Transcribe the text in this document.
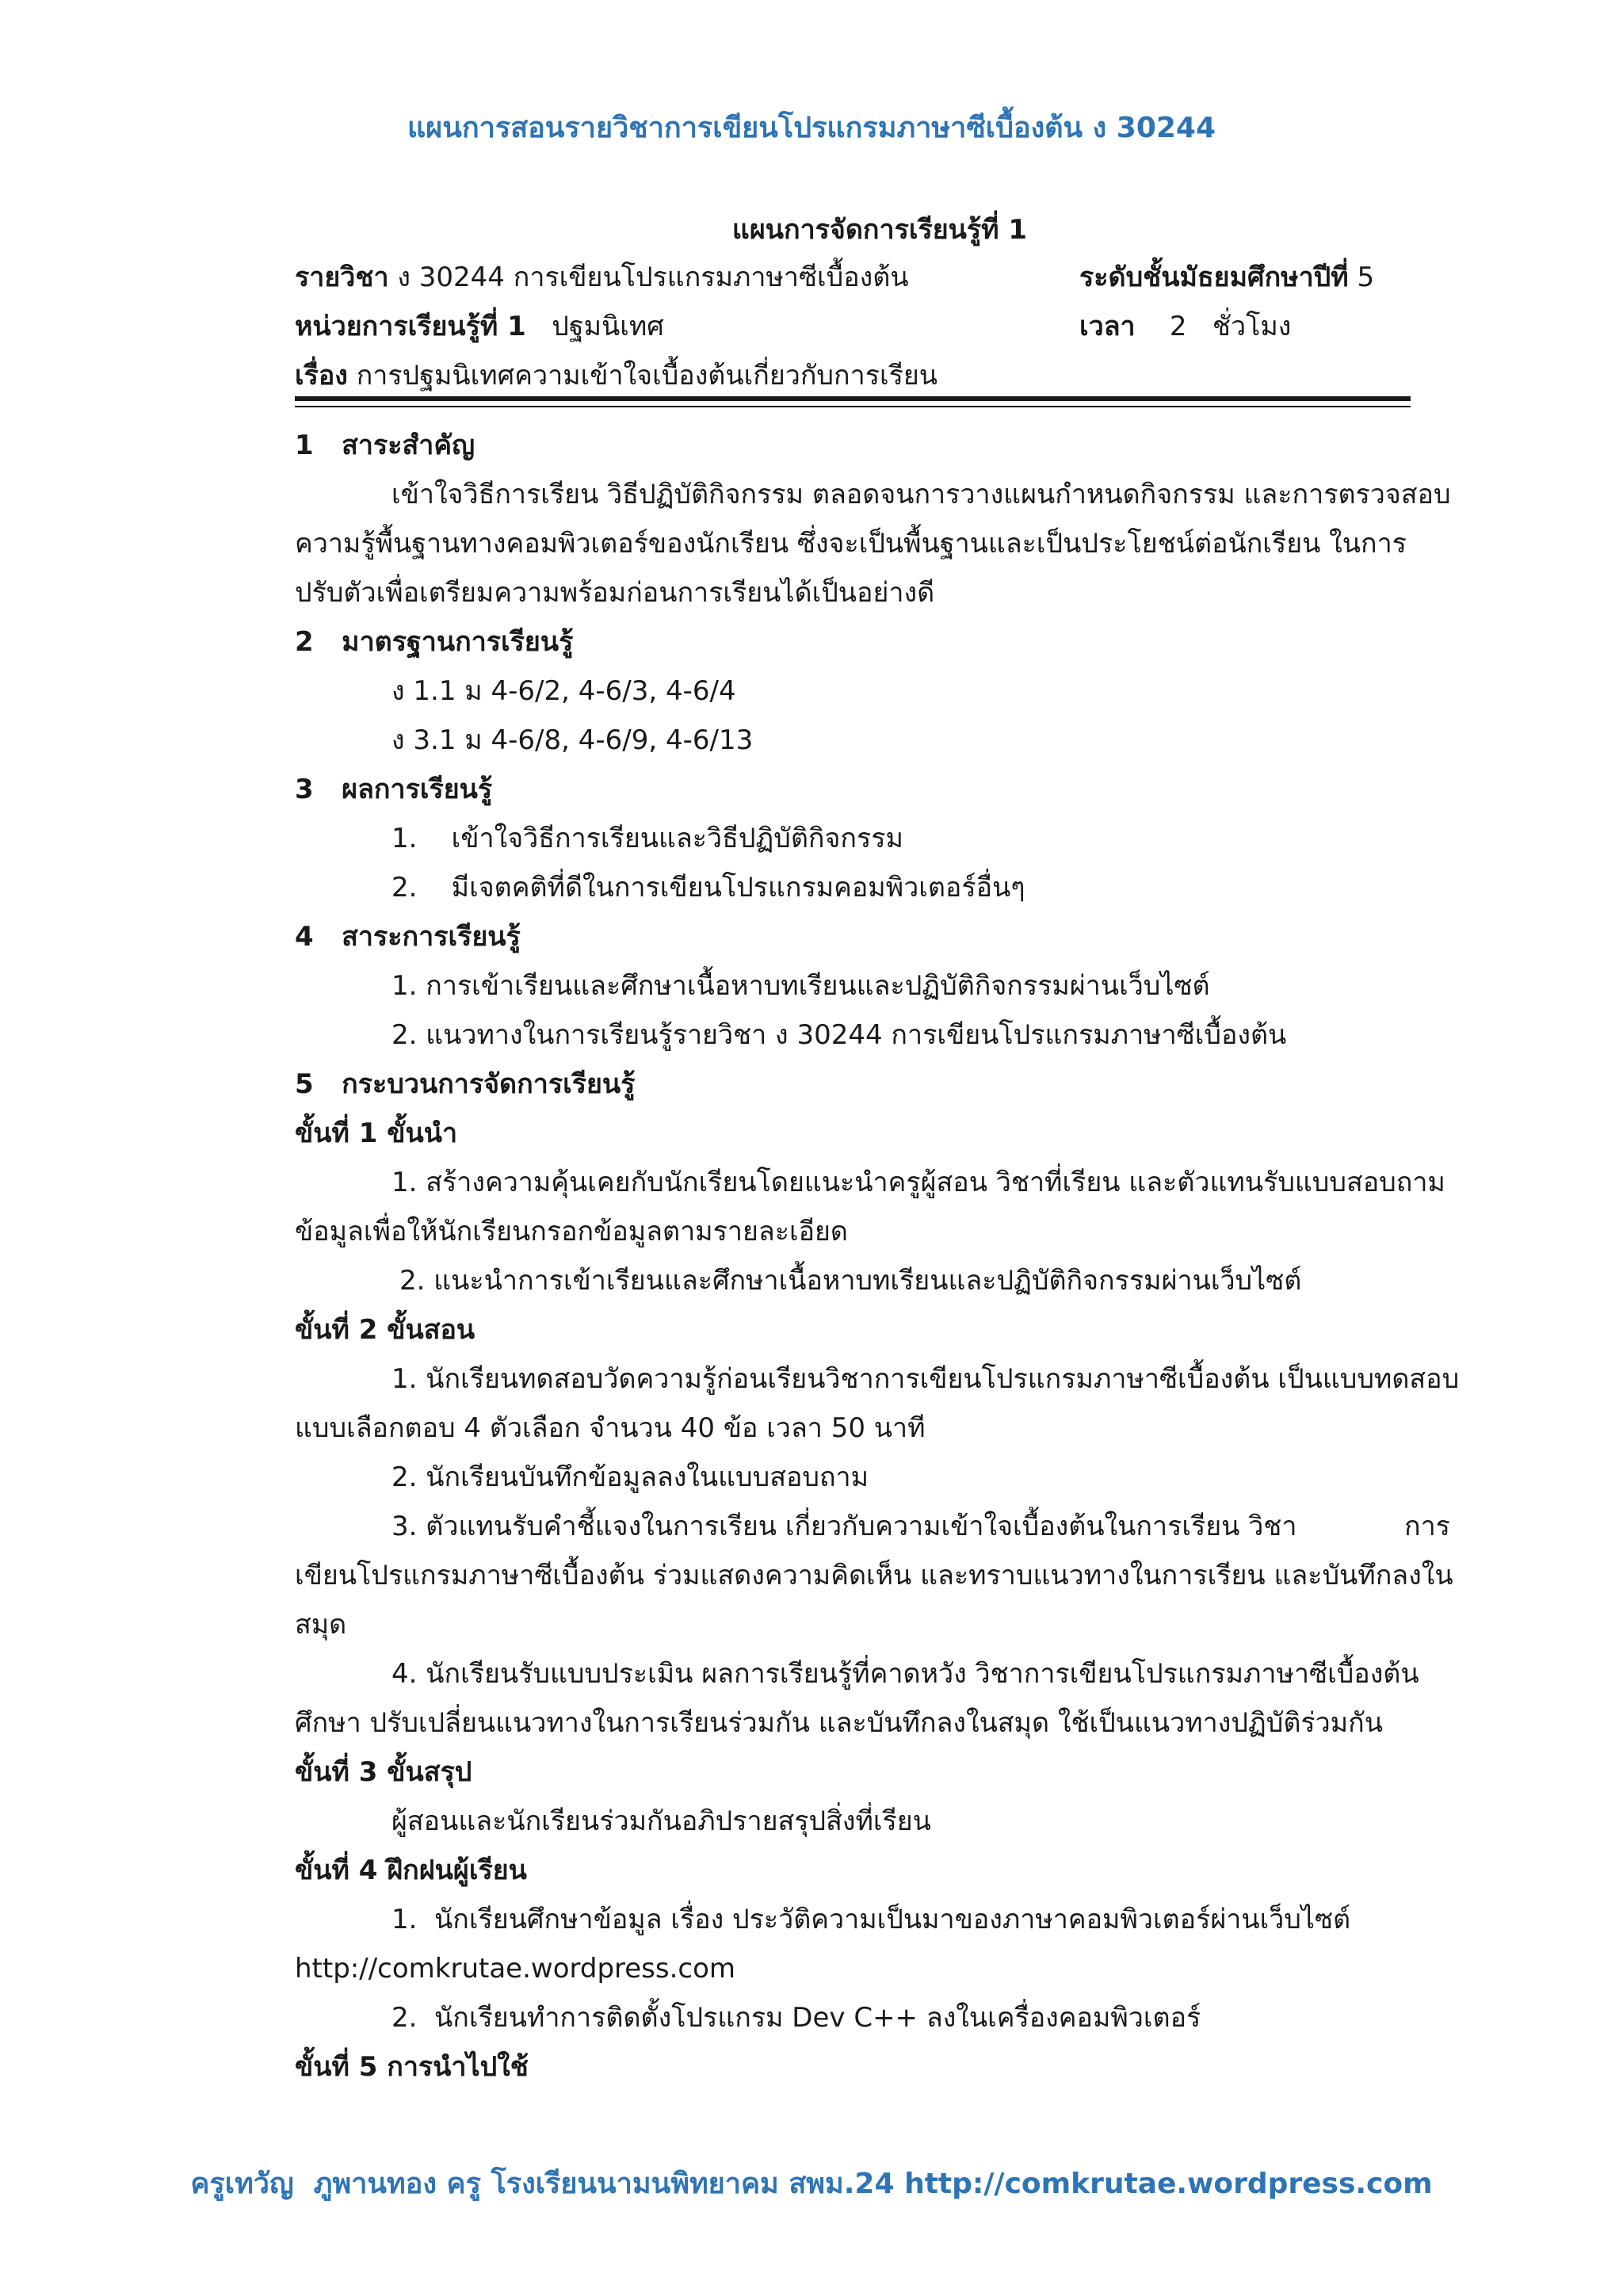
แผนการสอนรายวิชาการเขียนโปรแกรมภาษาซีเบื้องต้น ง 30244
แผนการจัดการเรียนรู้ที่ 1
รายวิชา ง 30244 การเขียนโปรแกรมภาษาซีเบื้องต้น	ระดับชั้นมัธยมศึกษาปีที่ 5
หน่วยการเรียนรู้ที่ 1   ปฐมนิเทศ	เวลา    2   ชั่วโมง
เรื่อง การปฐมนิเทศความเข้าใจเบื้องต้นเกี่ยวกับการเรียน
1   สาระสำคัญ
เข้าใจวิธีการเรียน วิธีปฏิบัติกิจกรรม ตลอดจนการวางแผนกำหนดกิจกรรม และการตรวจสอบ
ความรู้พื้นฐานทางคอมพิวเตอร์ของนักเรียน ซึ่งจะเป็นพื้นฐานและเป็นประโยชน์ต่อนักเรียน ในการ
ปรับตัวเพื่อเตรียมความพร้อมก่อนการเรียนได้เป็นอย่างดี
2   มาตรฐานการเรียนรู้
ง 1.1 ม 4-6/2, 4-6/3, 4-6/4
ง 3.1 ม 4-6/8, 4-6/9, 4-6/13
3   ผลการเรียนรู้
1.    เข้าใจวิธีการเรียนและวิธีปฏิบัติกิจกรรม
2.    มีเจตคติที่ดีในการเขียนโปรแกรมคอมพิวเตอร์อื่นๆ
4   สาระการเรียนรู้
1. การเข้าเรียนและศึกษาเนื้อหาบทเรียนและปฏิบัติกิจกรรมผ่านเว็บไซต์
2. แนวทางในการเรียนรู้รายวิชา ง 30244 การเขียนโปรแกรมภาษาซีเบื้องต้น
5   กระบวนการจัดการเรียนรู้
ขั้นที่ 1 ขั้นนำ
1. สร้างความคุ้นเคยกับนักเรียนโดยแนะนำครูผู้สอน วิชาที่เรียน และตัวแทนรับแบบสอบถาม
ข้อมูลเพื่อให้นักเรียนกรอกข้อมูลตามรายละเอียด
2. แนะนำการเข้าเรียนและศึกษาเนื้อหาบทเรียนและปฏิบัติกิจกรรมผ่านเว็บไซต์
ขั้นที่ 2 ขั้นสอน
1. นักเรียนทดสอบวัดความรู้ก่อนเรียนวิชาการเขียนโปรแกรมภาษาซีเบื้องต้น เป็นแบบทดสอบ
แบบเลือกตอบ 4 ตัวเลือก จำนวน 40 ข้อ เวลา 50 นาที
2. นักเรียนบันทึกข้อมูลลงในแบบสอบถาม
3. ตัวแทนรับคำชี้แจงในการเรียน เกี่ยวกับความเข้าใจเบื้องต้นในการเรียน วิชา	การ
เขียนโปรแกรมภาษาซีเบื้องต้น ร่วมแสดงความคิดเห็น และทราบแนวทางในการเรียน และบันทึกลงใน
สมุด
4. นักเรียนรับแบบประเมิน ผลการเรียนรู้ที่คาดหวัง วิชาการเขียนโปรแกรมภาษาซีเบื้องต้น
ศึกษา ปรับเปลี่ยนแนวทางในการเรียนร่วมกัน และบันทึกลงในสมุด ใช้เป็นแนวทางปฏิบัติร่วมกัน
ขั้นที่ 3 ขั้นสรุป
ผู้สอนและนักเรียนร่วมกันอภิปรายสรุปสิ่งที่เรียน
ขั้นที่ 4 ฝึกฝนผู้เรียน
1.  นักเรียนศึกษาข้อมูล เรื่อง ประวัติความเป็นมาของภาษาคอมพิวเตอร์ผ่านเว็บไซต์
http://comkrutae.wordpress.com
2.  นักเรียนทำการติดตั้งโปรแกรม Dev C++ ลงในเครื่องคอมพิวเตอร์
ขั้นที่ 5 การนำไปใช้
ครูเทวัญ  ภูพานทอง ครู โรงเรียนนามนพิทยาคม สพม.24 http://comkrutae.wordpress.com
